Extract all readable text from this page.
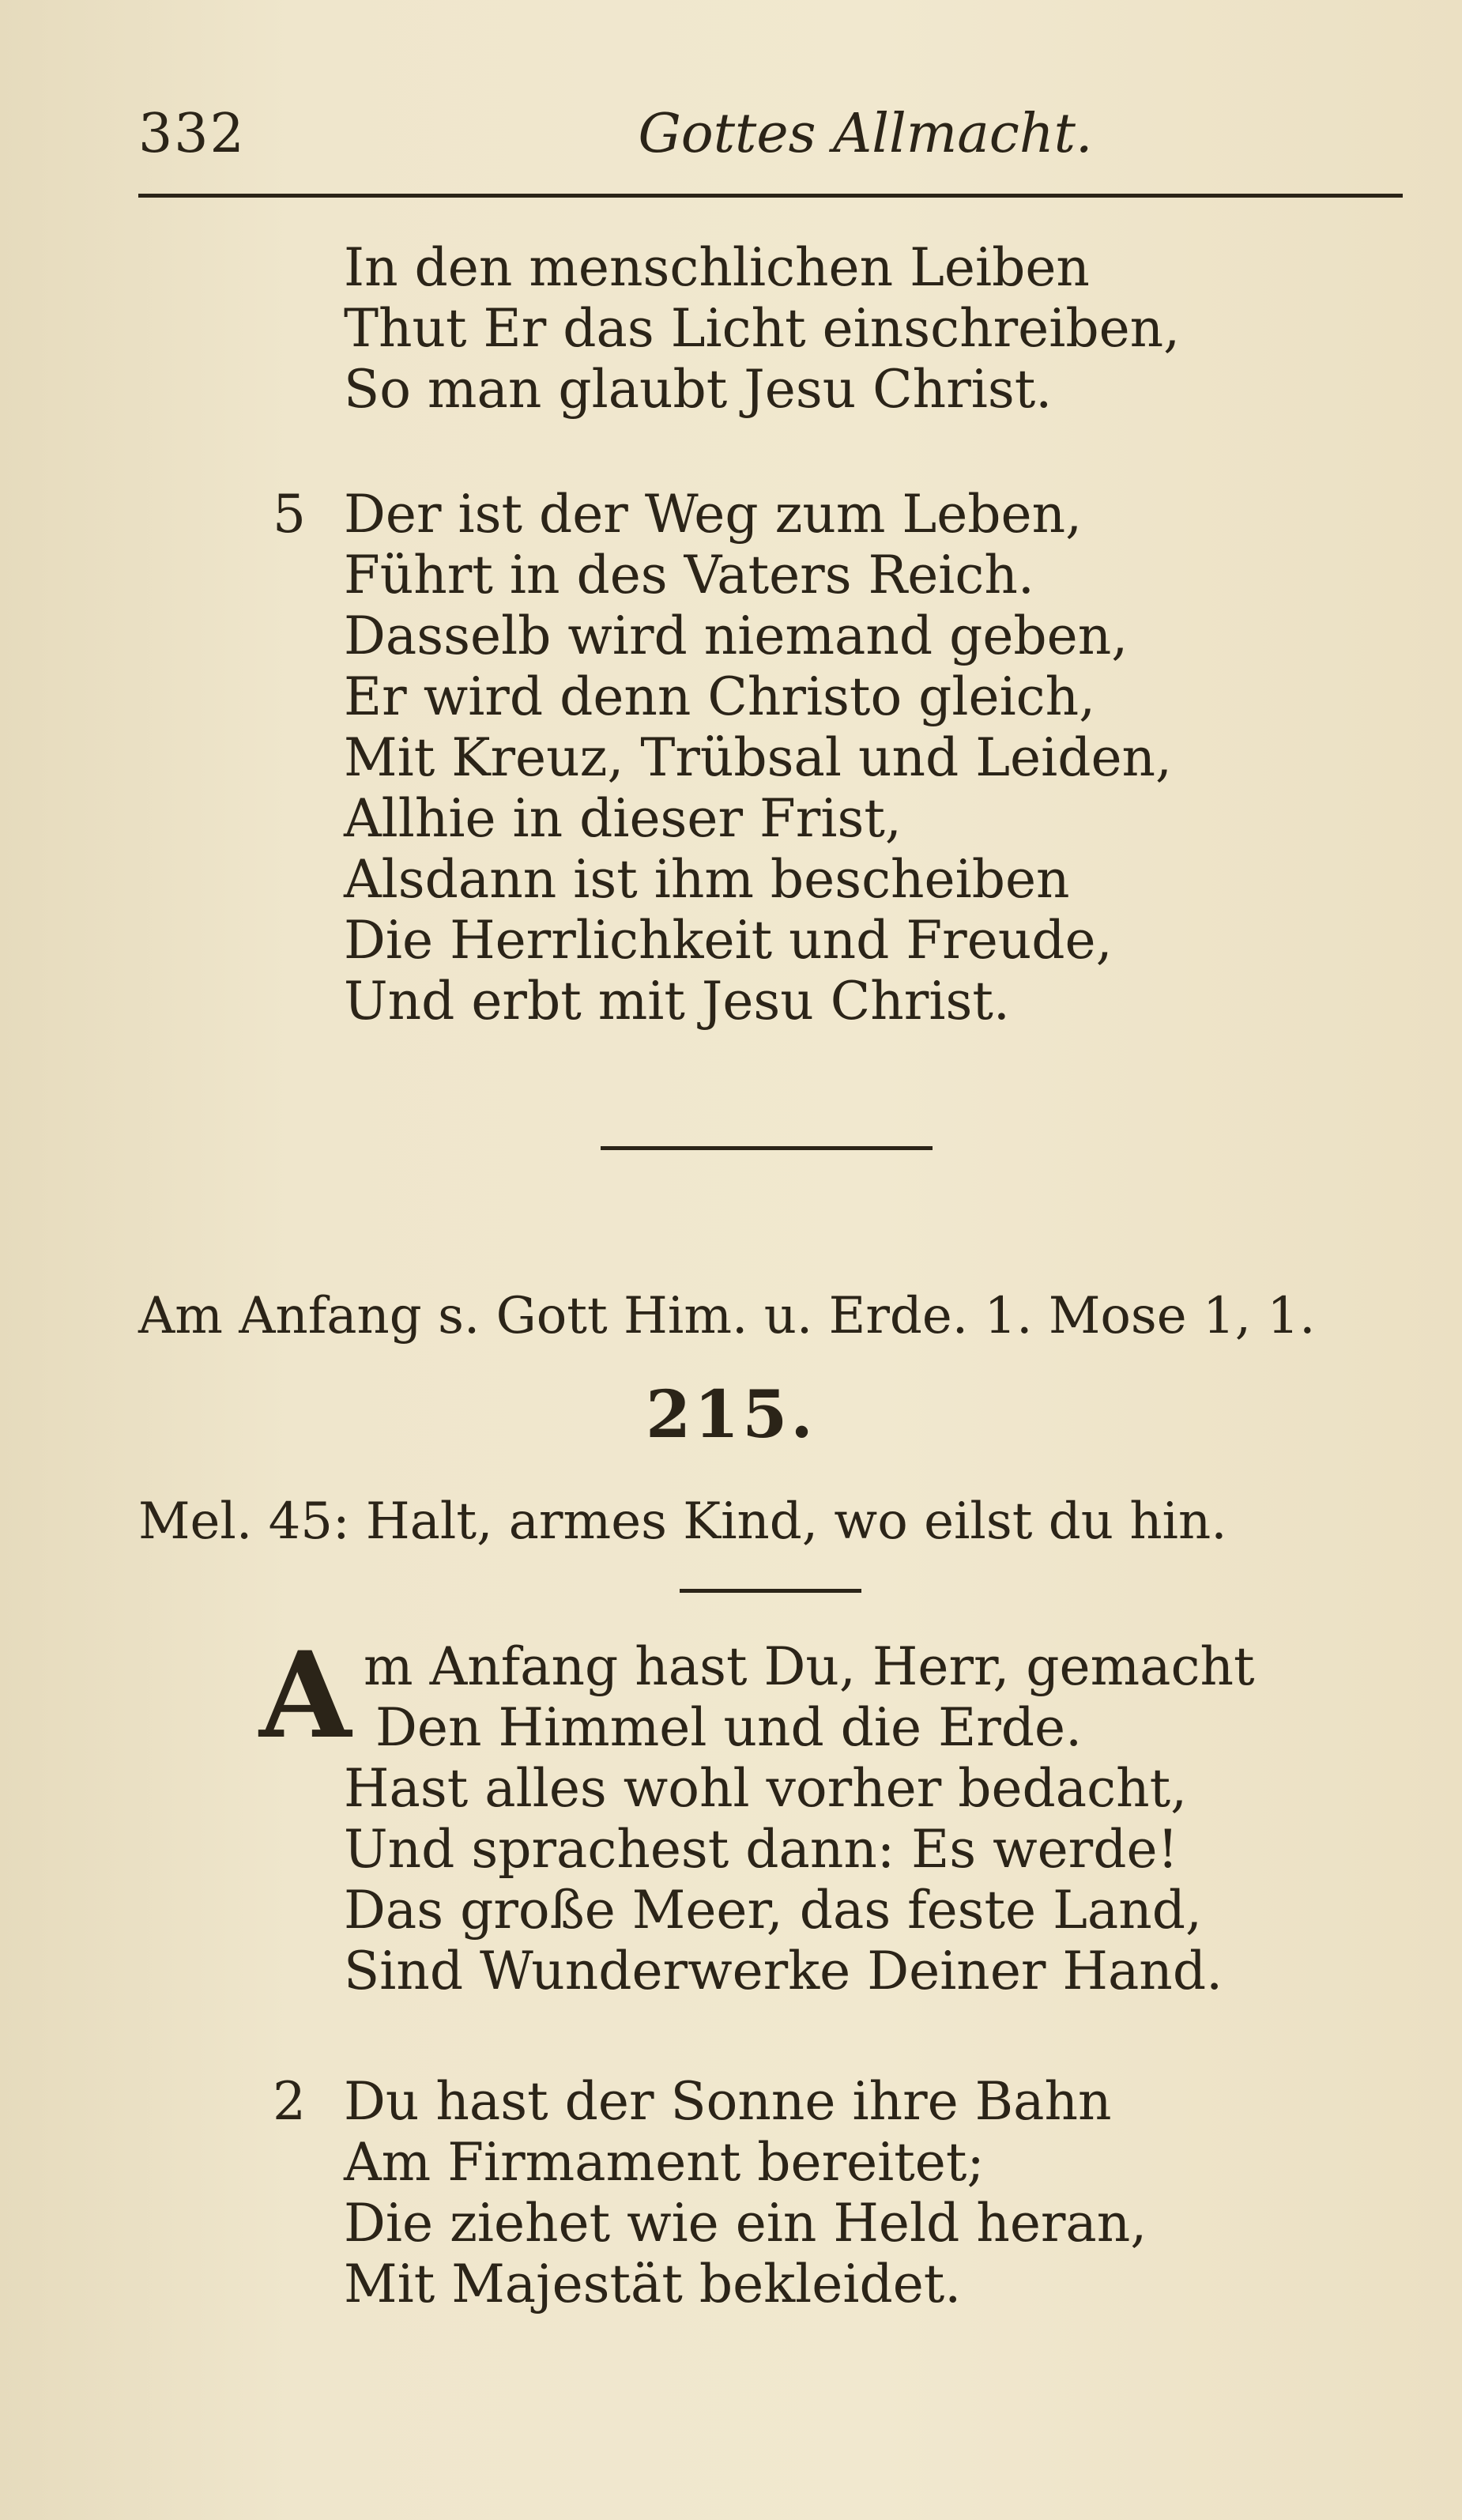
332	Gottes Allmacht.
In den menschlichen Leiben
Thut Er das Licht einschreiben,
So man glaubt Jesu Christ.
5 Der ist der Weg zum Leben,
Führt in des Vaters Reich.
Dasselb wird niemand geben,
Er wird denn Christo gleich,
Mit Kreuz, Trübsal und Leiden,
Allhie in dieser Frist,
Alsdann ist ihm bescheiben
Die Herrlichkeit und Freude,
Und erbt mit Jesu Christ.
Am Anfang s. Gott Him. u. Erde. 1. Mose 1, 1.
215.
Mel. 45: Halt, armes Kind, wo eilst du hin.
A m Anfang hast Du, Herr, gemacht
Den Himmel und die Erde.
Hast alles wohl vorher bedacht,
Und sprachest dann: Es werde!
Das große Meer, das feste Land,
Sind Wunderwerke Deiner Hand.
2 Du hast der Sonne ihre Bahn
Am Firmament bereitet;
Die ziehet wie ein Held heran,
Mit Majestät bekleidet.
